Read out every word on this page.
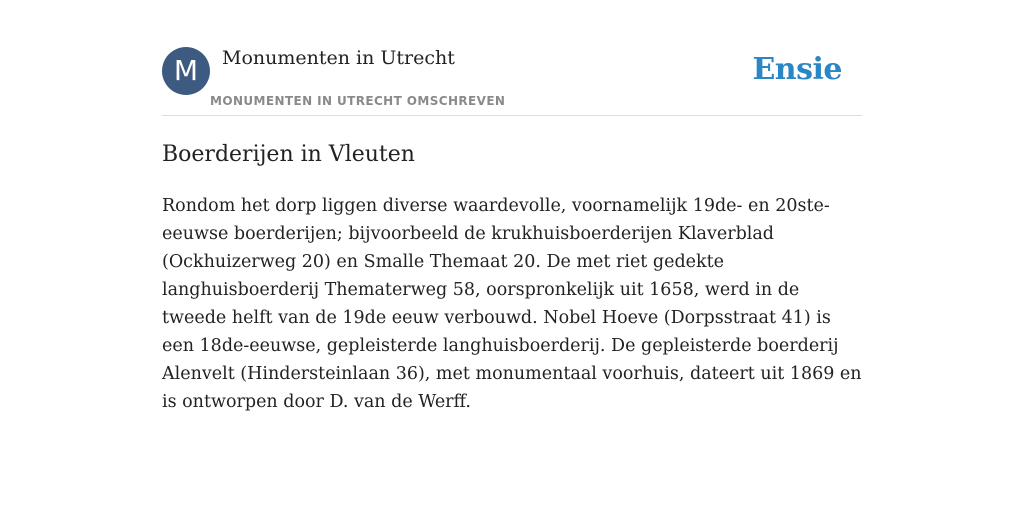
M	Monumenten in Utrecht
MONUMENTEN IN UTRECHT OMSCHREVEN
Ensie
Boerderijen in Vleuten

Rondom het dorp liggen diverse waardevolle, voornamelijk 19de- en 20ste-eeuwse boerderijen; bijvoorbeeld de krukhuisboerderijen Klaverblad (Ockhuizerweg 20) en Smalle Themaat 20. De met riet gedekte langhuisboerderij Thematerweg 58, oorspronkelijk uit 1658, werd in de tweede helft van de 19de eeuw verbouwd. Nobel Hoeve (Dorpsstraat 41) is een 18de-eeuwse, gepleisterde langhuisboerderij. De gepleisterde boerderij Alenvelt (Hindersteinlaan 36), met monumentaal voorhuis, dateert uit 1869 en is ontworpen door D. van de Werff.
